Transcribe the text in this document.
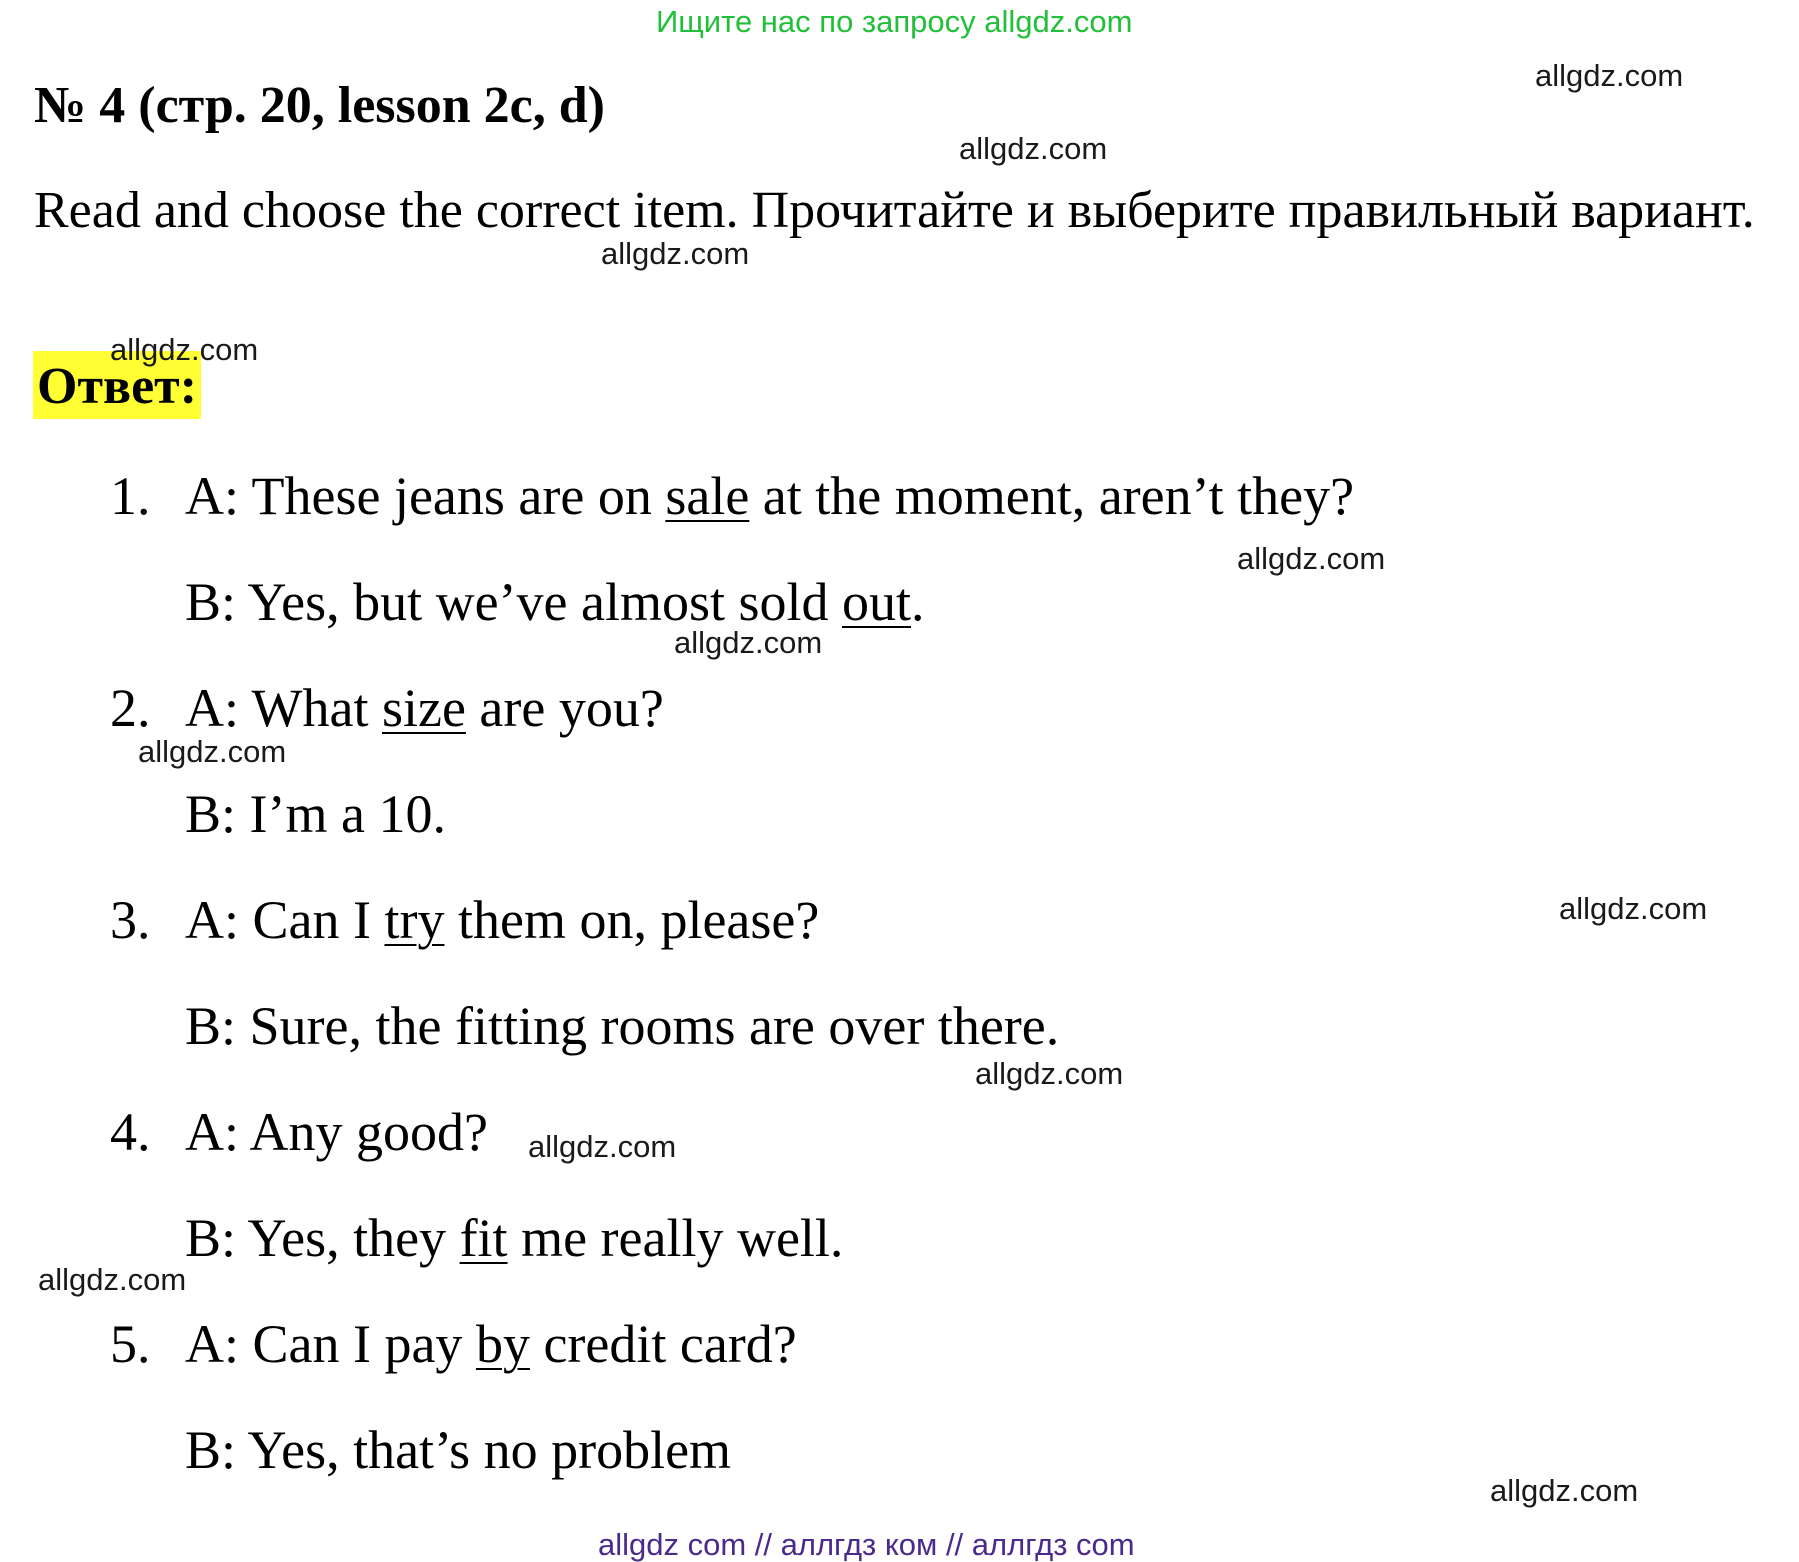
Ищите нас по запросу allgdz.com
№ 4 (стр. 20, lesson 2c, d)
Read and choose the correct item. Прочитайте и выберите правильный вариант.
Ответ:
1. A: These jeans are on sale at the moment, aren’t they?
B: Yes, but we’ve almost sold out.
2. A: What size are you?
B: I’m a 10.
3. A: Can I try them on, please?
B: Sure, the fitting rooms are over there.
4. A: Any good?
B: Yes, they fit me really well.
5. A: Can I pay by credit card?
B: Yes, that’s no problem
allgdz.com
allgdz.com
allgdz.com
allgdz.com
allgdz.com
allgdz.com
allgdz.com
allgdz.com
allgdz.com
allgdz.com
allgdz.com
allgdz.com
allgdz com // аллгдз ком // аллгдз com
